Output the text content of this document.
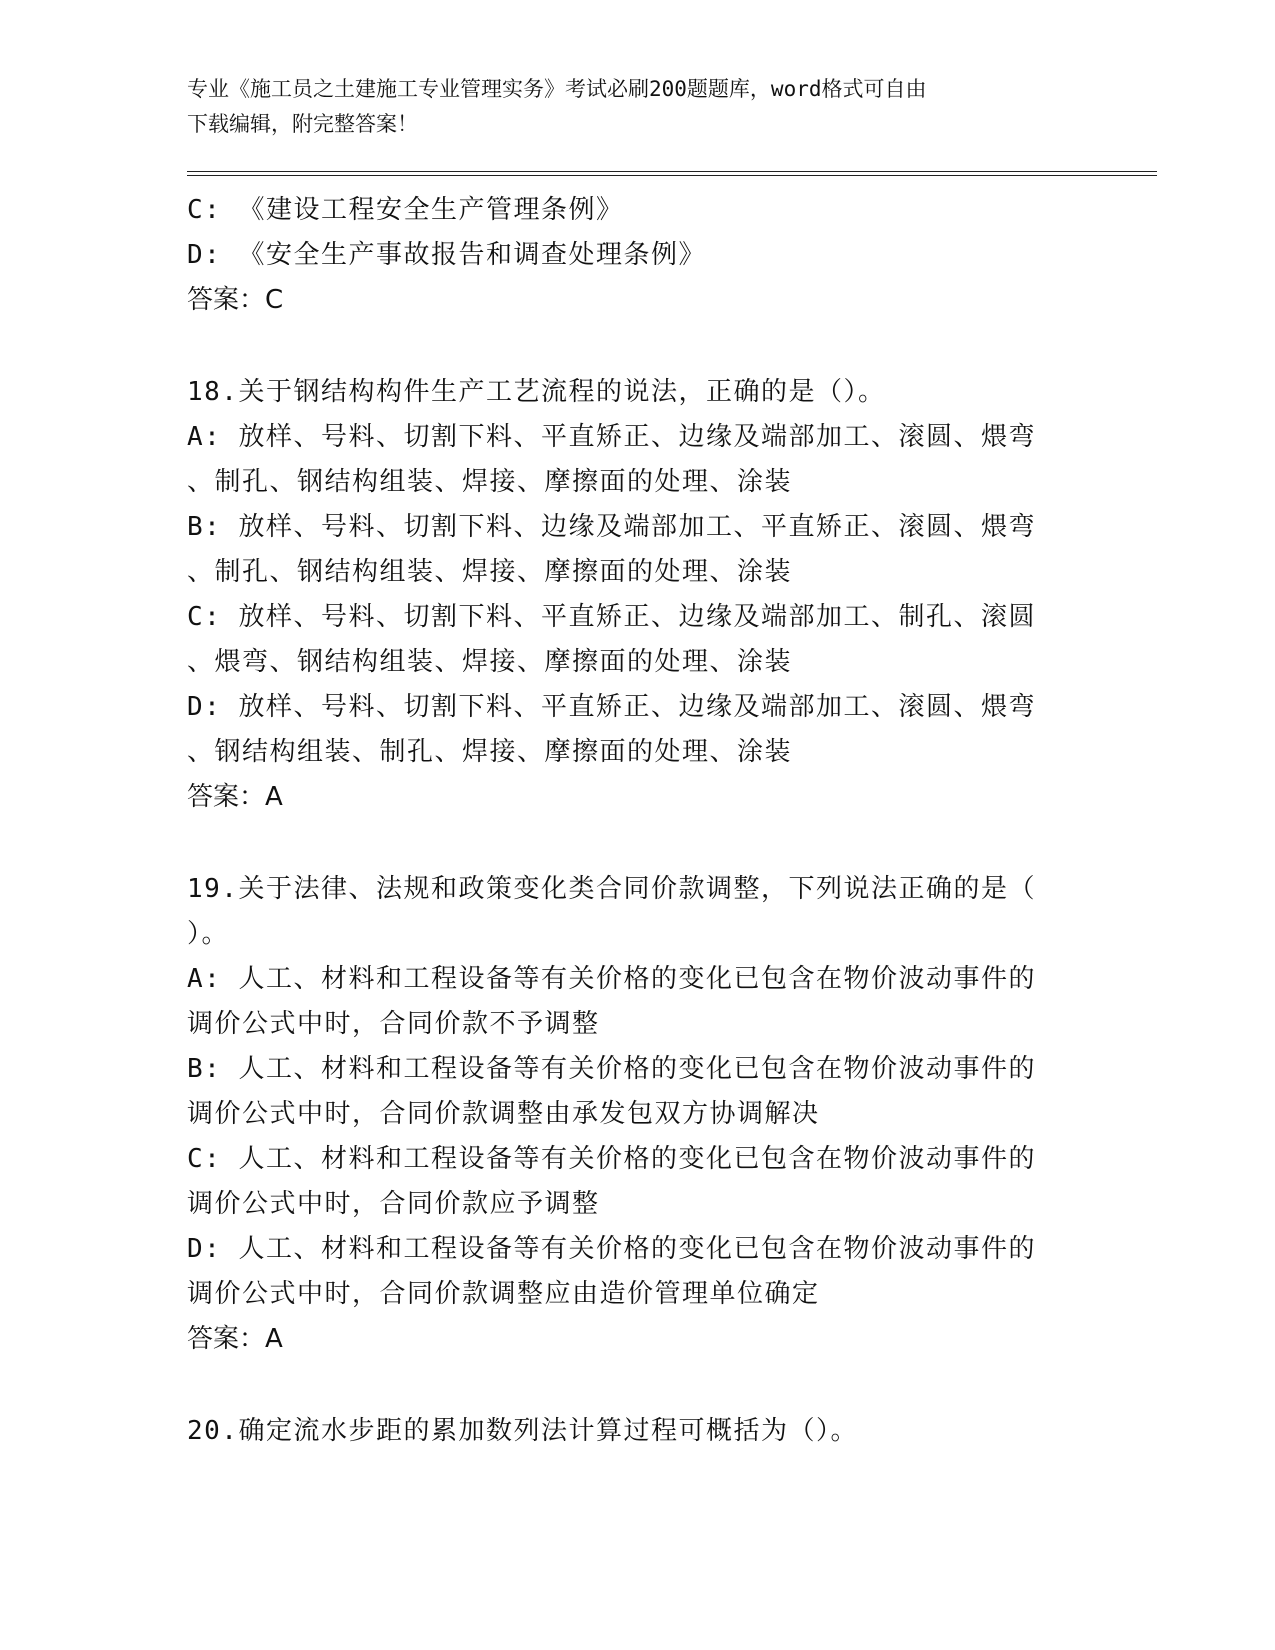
专业《施工员之土建施工专业管理实务》考试必刷200题题库，word格式可自由
下载编辑，附完整答案！
C: 《建设工程安全生产管理条例》
D: 《安全生产事故报告和调查处理条例》
答案：C
18.关于钢结构构件生产工艺流程的说法，正确的是（）。
A: 放样、号料、切割下料、平直矫正、边缘及端部加工、滚圆、煨弯
、制孔、钢结构组装、焊接、摩擦面的处理、涂装
B: 放样、号料、切割下料、边缘及端部加工、平直矫正、滚圆、煨弯
、制孔、钢结构组装、焊接、摩擦面的处理、涂装
C: 放样、号料、切割下料、平直矫正、边缘及端部加工、制孔、滚圆
、煨弯、钢结构组装、焊接、摩擦面的处理、涂装
D: 放样、号料、切割下料、平直矫正、边缘及端部加工、滚圆、煨弯
、钢结构组装、制孔、焊接、摩擦面的处理、涂装
答案：A
19.关于法律、法规和政策变化类合同价款调整，下列说法正确的是（
）。
A: 人工、材料和工程设备等有关价格的变化已包含在物价波动事件的
调价公式中时，合同价款不予调整
B: 人工、材料和工程设备等有关价格的变化已包含在物价波动事件的
调价公式中时，合同价款调整由承发包双方协调解决
C: 人工、材料和工程设备等有关价格的变化已包含在物价波动事件的
调价公式中时，合同价款应予调整
D: 人工、材料和工程设备等有关价格的变化已包含在物价波动事件的
调价公式中时，合同价款调整应由造价管理单位确定
答案：A
20.确定流水步距的累加数列法计算过程可概括为（）。
